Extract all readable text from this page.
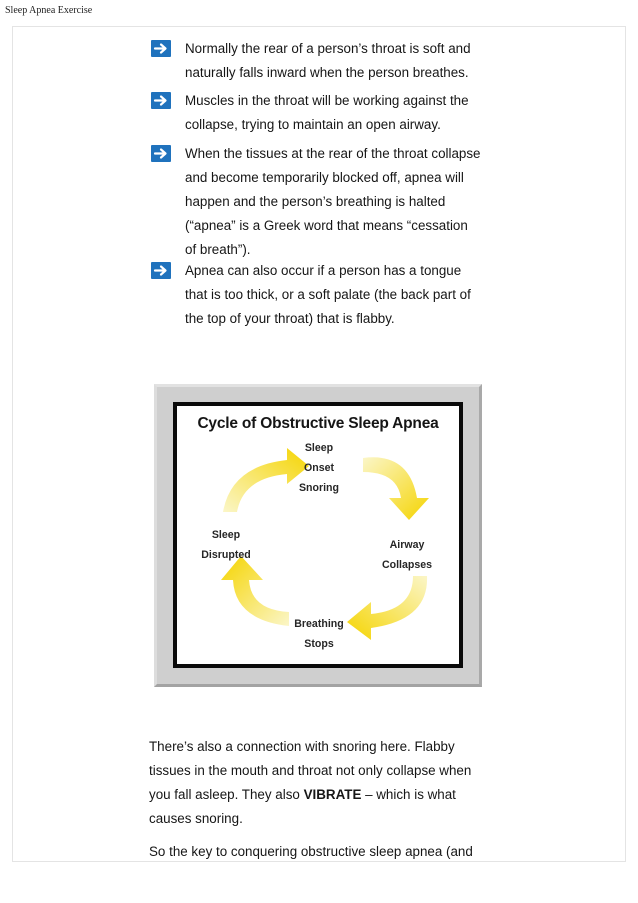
Sleep Apnea Exercise
Normally the rear of a person’s throat is soft and
naturally falls inward when the person breathes.
Muscles in the throat will be working against the
collapse, trying to maintain an open airway.
When the tissues at the rear of the throat collapse
and become temporarily blocked off, apnea will
happen and the person’s breathing is halted
(“apnea” is a Greek word that means “cessation
of breath”).
Apnea can also occur if a person has a tongue
that is too thick, or a soft palate (the back part of
the top of your throat) that is flabby.
Cycle of Obstructive Sleep Apnea
Sleep
Onset
Snoring
Airway
Collapses
Breathing
Stops
Sleep
Disrupted
There’s also a connection with snoring here. Flabby
tissues in the mouth and throat not only collapse when
you fall asleep. They also VIBRATE – which is what
causes snoring.
So the key to conquering obstructive sleep apnea (and
